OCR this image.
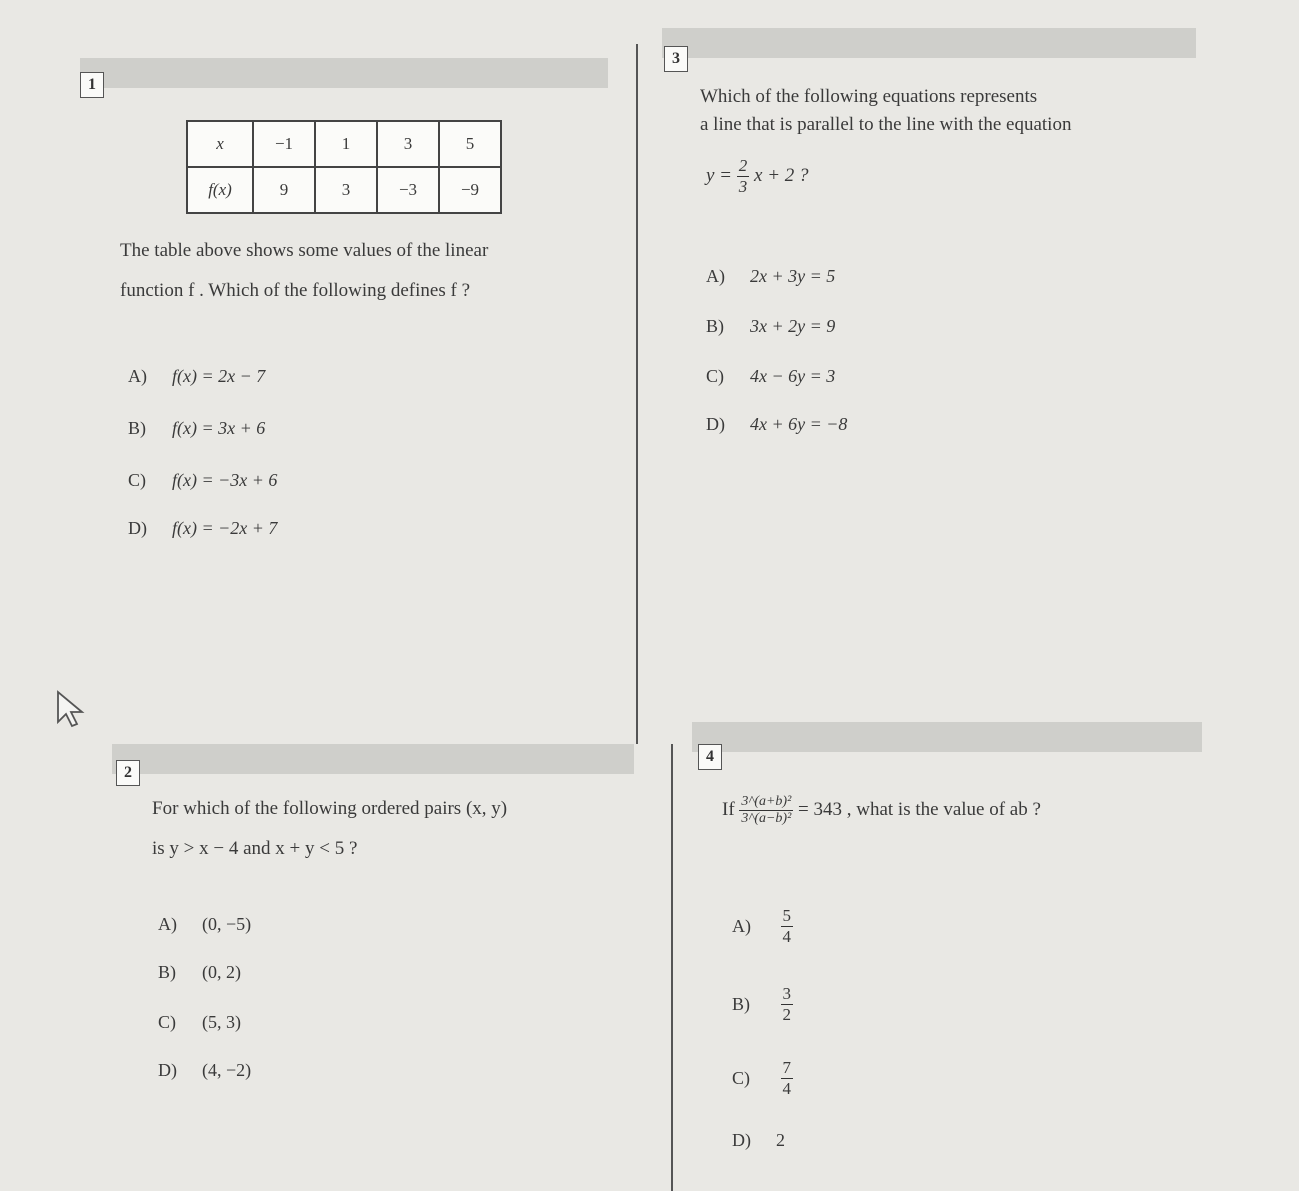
1
x	−1	1	3	5
f(x)	9	3	−3	−9
The table above shows some values of the linear
function f . Which of the following defines f ?
A) f(x) = 2x − 7
B) f(x) = 3x + 6
C) f(x) = −3x + 6
D) f(x) = −2x + 7
3
Which of the following equations represents
a line that is parallel to the line with the equation
$y = \frac{2}{3}$ x + 2 ?
A) 2x + 3y = 5
B) 3x + 2y = 9
C) 4x − 6y = 3
D) 4x + 6y = −8
2
For which of the following ordered pairs (x, y)
is y > x − 4 and x + y < 5 ?
A) (0, −5)
B) (0, 2)
C) (5, 3)
D) (4, −2)
4
If $\frac{\text{3\textasciicircum{}(a+b)²}}{\text{3\textasciicircum{}(a−b)²}} = 343$ , what is the value of ab ?
$A) \frac{5}{4}$
$B) \frac{3}{2}$
$C) \frac{7}{4}$
D) 2
